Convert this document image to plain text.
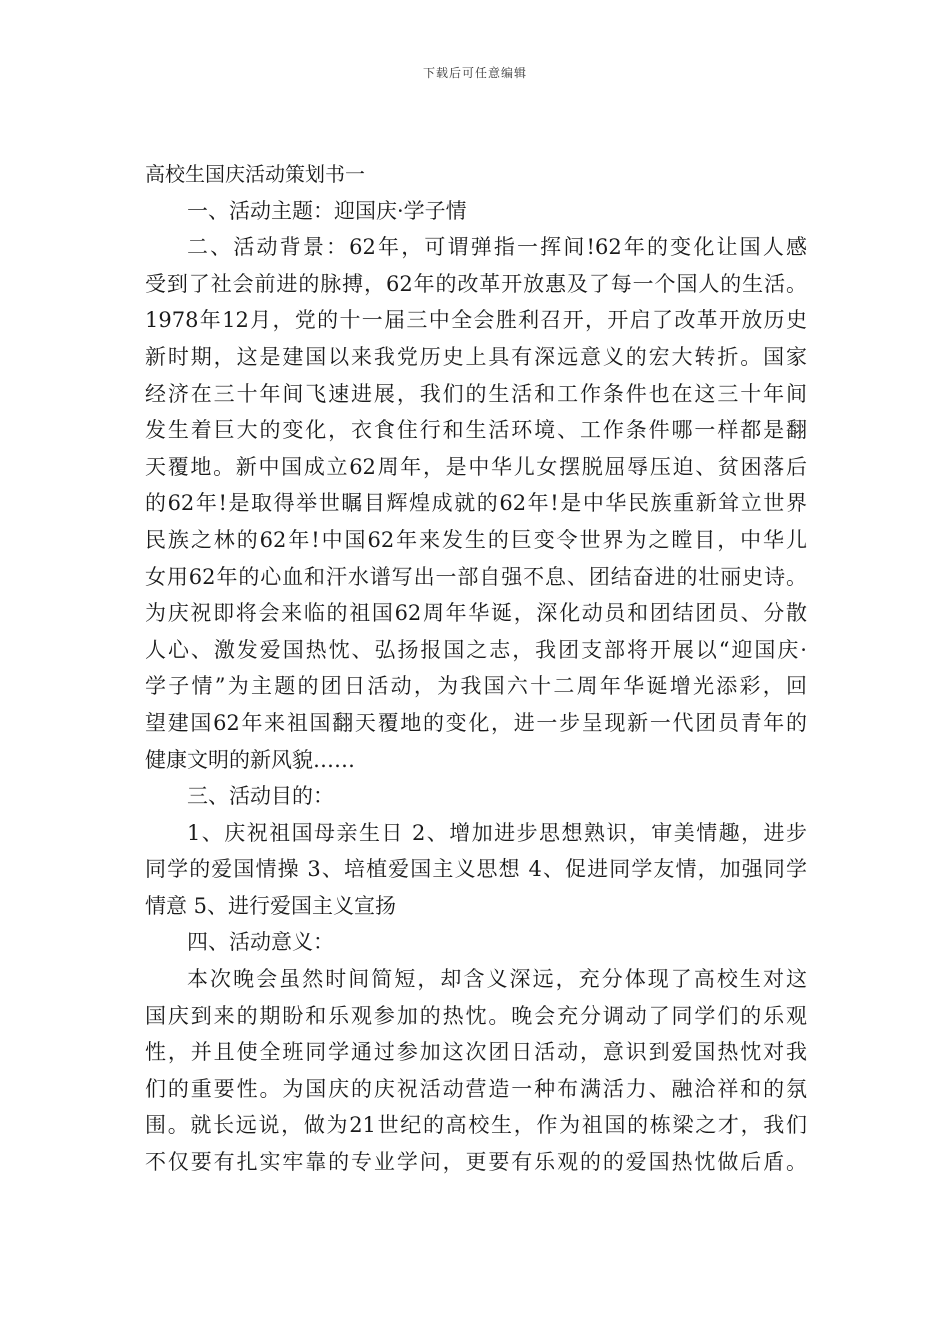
下载后可任意编辑
高校生国庆活动策划书一
一、活动主题：迎国庆·学子情
二、活动背景：62年，可谓弹指一挥间!62年的变化让国人感
受到了社会前进的脉搏，62年的改革开放惠及了每一个国人的生活。
1978年12月，党的十一届三中全会胜利召开，开启了改革开放历史
新时期，这是建国以来我党历史上具有深远意义的宏大转折。国家
经济在三十年间飞速进展，我们的生活和工作条件也在这三十年间
发生着巨大的变化，衣食住行和生活环境、工作条件哪一样都是翻
天覆地。新中国成立62周年，是中华儿女摆脱屈辱压迫、贫困落后
的62年!是取得举世瞩目辉煌成就的62年!是中华民族重新耸立世界
民族之林的62年!中国62年来发生的巨变令世界为之瞠目，中华儿
女用62年的心血和汗水谱写出一部自强不息、团结奋进的壮丽史诗。
为庆祝即将会来临的祖国62周年华诞，深化动员和团结团员、分散
人心、激发爱国热忱、弘扬报国之志，我团支部将开展以“迎国庆·
学子情”为主题的团日活动，为我国六十二周年华诞增光添彩，回
望建国62年来祖国翻天覆地的变化，进一步呈现新一代团员青年的
健康文明的新风貌……
三、活动目的：
1、庆祝祖国母亲生日 2、增加进步思想熟识，审美情趣，进步
同学的爱国情操 3、培植爱国主义思想 4、促进同学友情，加强同学
情意 5、进行爱国主义宣扬
四、活动意义：
本次晚会虽然时间简短，却含义深远，充分体现了高校生对这
国庆到来的期盼和乐观参加的热忱。晚会充分调动了同学们的乐观
性，并且使全班同学通过参加这次团日活动，意识到爱国热忱对我
们的重要性。为国庆的庆祝活动营造一种布满活力、融洽祥和的氛
围。就长远说，做为21世纪的高校生，作为祖国的栋梁之才，我们
不仅要有扎实牢靠的专业学问，更要有乐观的的爱国热忱做后盾。
